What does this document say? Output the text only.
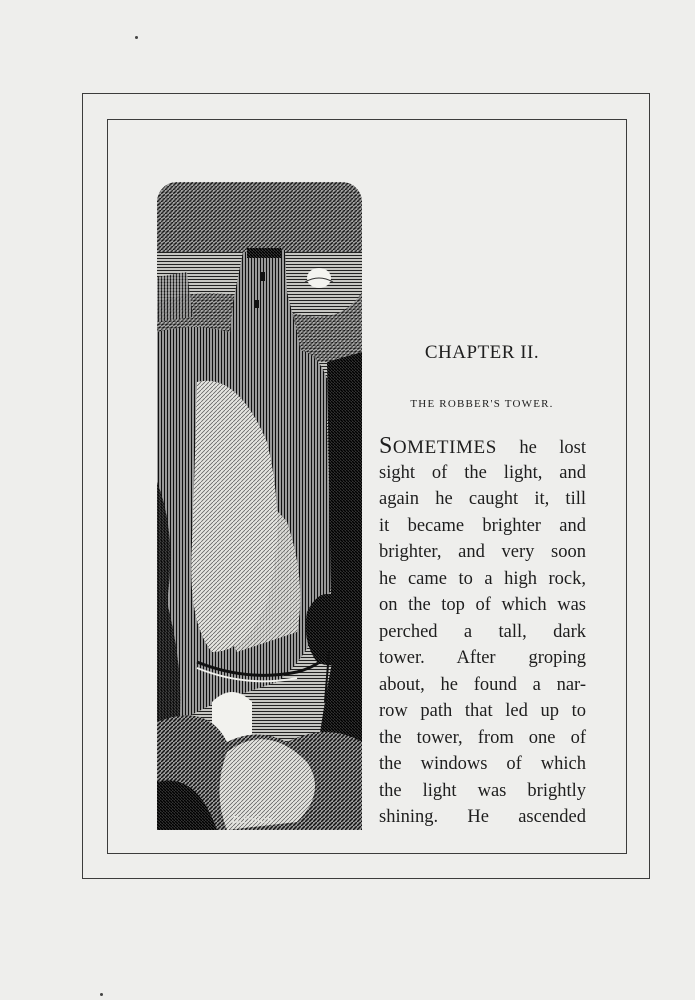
D.Dillon
CHAPTER II.
THE ROBBER'S TOWER.
SOMETIMES he lost
sight of the light, and
again he caught it, till
it became brighter and
brighter, and very soon
he came to a high rock,
on the top of which was
perched a tall, dark
tower. After groping
about, he found a nar-
row path that led up to
the tower, from one of
the windows of which
the light was brightly
shining. He ascended
